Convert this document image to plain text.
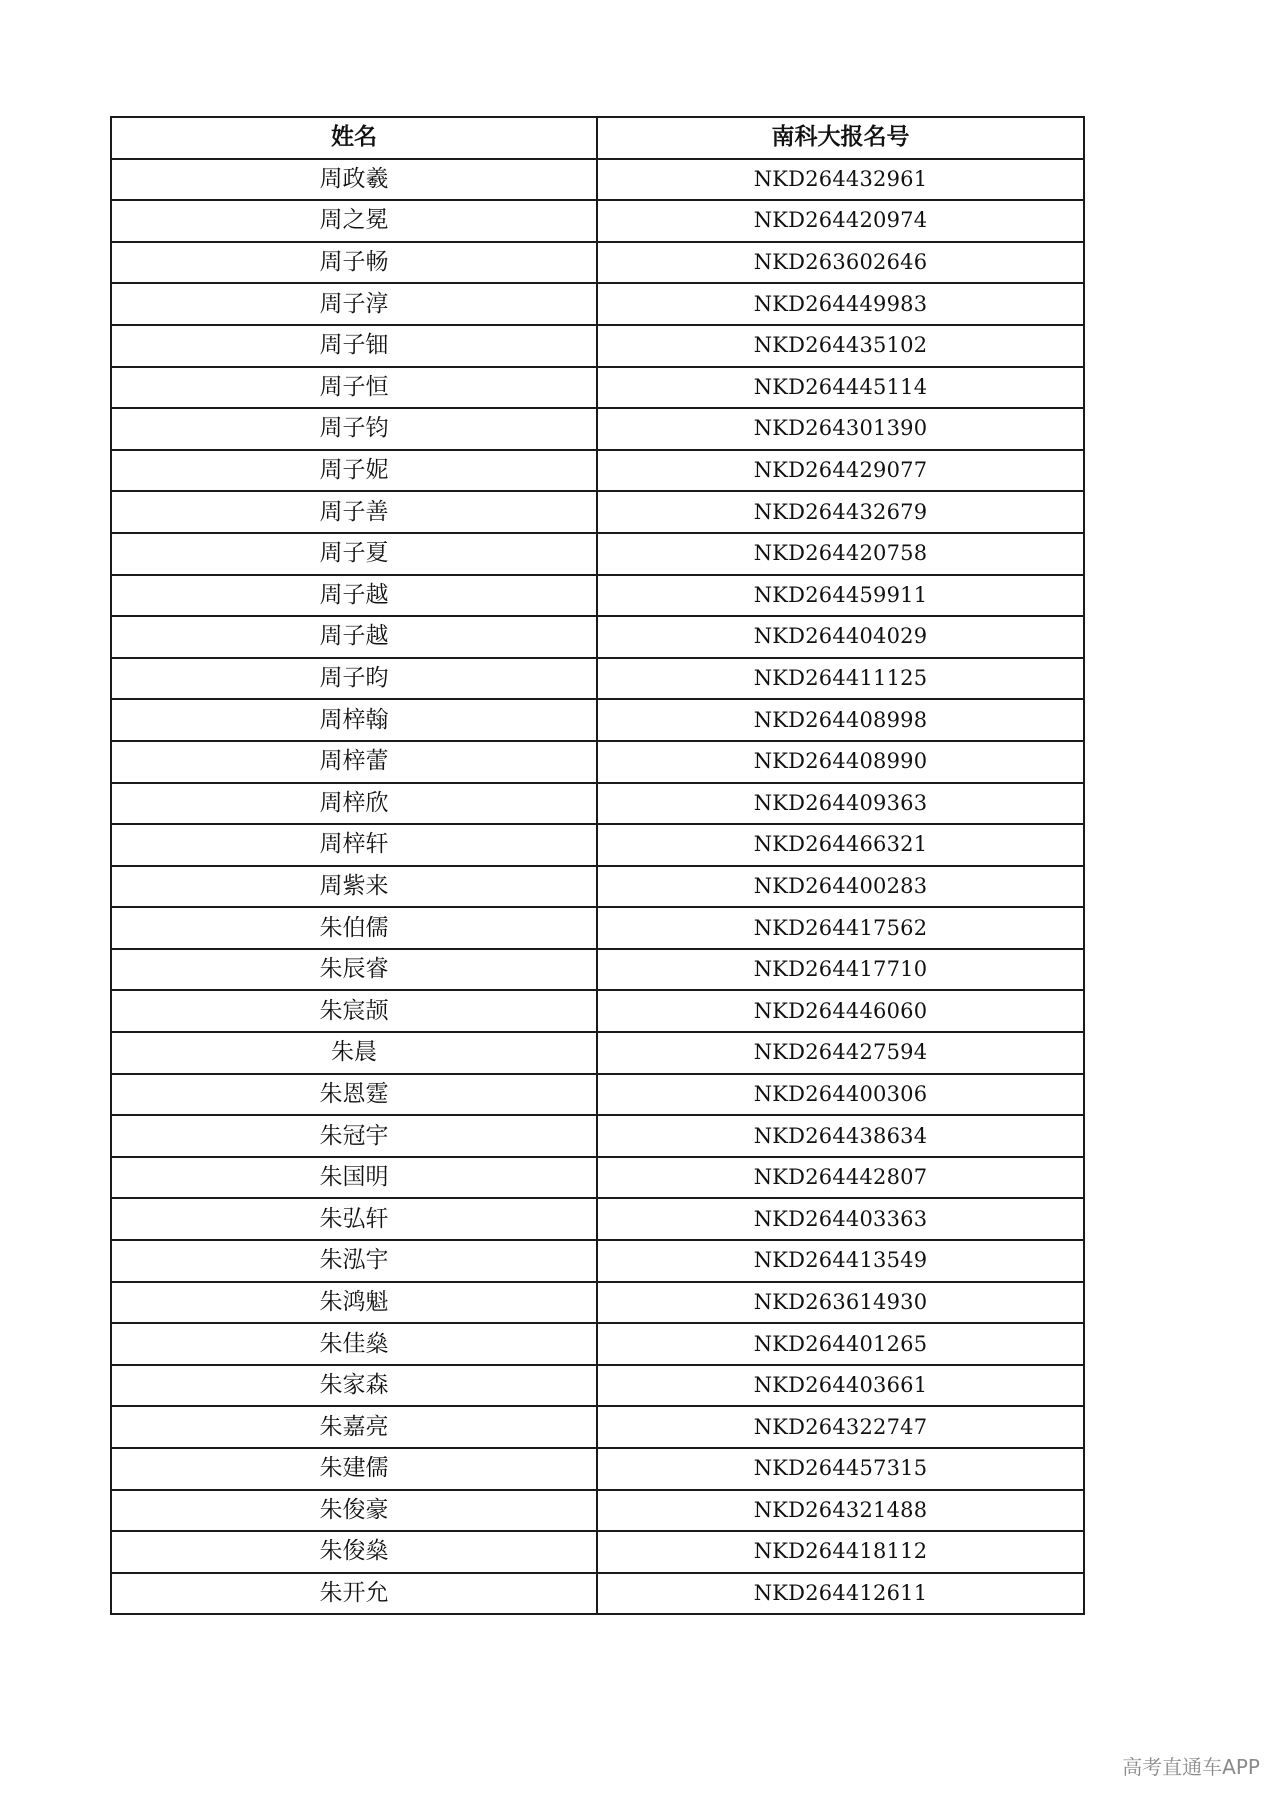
姓名	南科大报名号
周政羲	NKD264432961
周之冕	NKD264420974
周子畅	NKD263602646
周子淳	NKD264449983
周子钿	NKD264435102
周子恒	NKD264445114
周子钧	NKD264301390
周子妮	NKD264429077
周子善	NKD264432679
周子夏	NKD264420758
周子越	NKD264459911
周子越	NKD264404029
周子昀	NKD264411125
周梓翰	NKD264408998
周梓蕾	NKD264408990
周梓欣	NKD264409363
周梓轩	NKD264466321
周紫来	NKD264400283
朱伯儒	NKD264417562
朱辰睿	NKD264417710
朱宸颉	NKD264446060
朱晨	NKD264427594
朱恩霆	NKD264400306
朱冠宇	NKD264438634
朱国明	NKD264442807
朱弘轩	NKD264403363
朱泓宇	NKD264413549
朱鸿魁	NKD263614930
朱佳燊	NKD264401265
朱家森	NKD264403661
朱嘉亮	NKD264322747
朱建儒	NKD264457315
朱俊豪	NKD264321488
朱俊燊	NKD264418112
朱开允	NKD264412611
高考直通车APP
